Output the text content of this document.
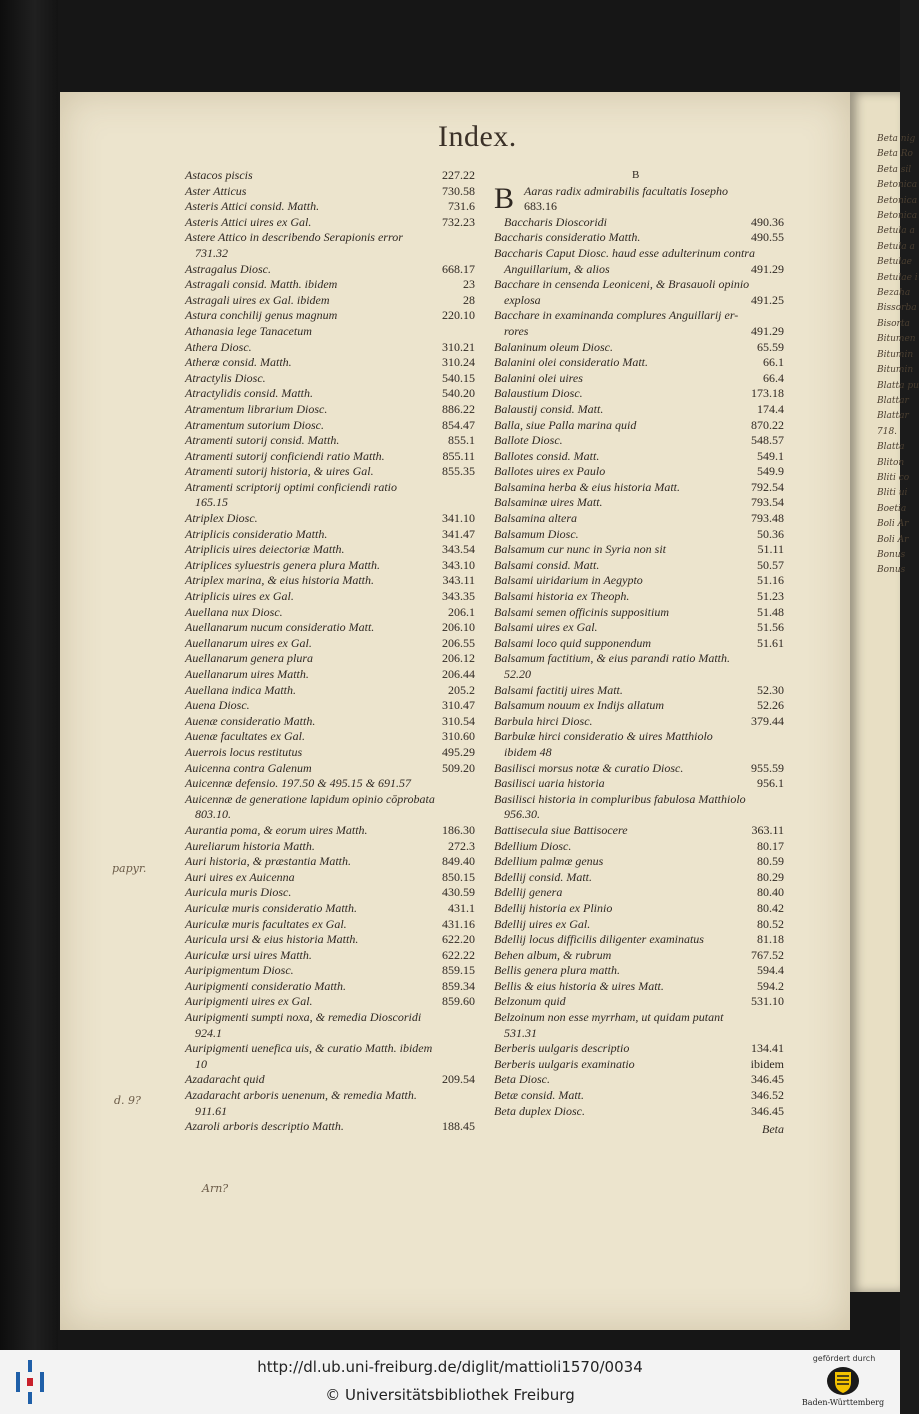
Index.
papyr.
d. 9?
Arn?
Astacos piscis	227.22
Aster Atticus	730.58
Asteris Attici consid. Matth.	731.6
Asteris Attici uires ex Gal.	732.23
Astere Attico in describendo Serapionis error
731.32
Astragalus Diosc.	668.17
Astragali consid. Matth. ibidem	23
Astragali uires ex Gal. ibidem	28
Astura conchilij genus magnum	220.10
Athanasia lege Tanacetum
Athera Diosc.	310.21
Atheræ consid. Matth.	310.24
Atractylis Diosc.	540.15
Atractylidis consid. Matth.	540.20
Atramentum librarium Diosc.	886.22
Atramentum sutorium Diosc.	854.47
Atramenti sutorij consid. Matth.	855.1
Atramenti sutorij conficiendi ratio Matth.	855.11
Atramenti sutorij historia, & uires Gal.	855.35
Atramenti scriptorij optimi conficiendi ratio
165.15
Atriplex Diosc.	341.10
Atriplicis consideratio Matth.	341.47
Atriplicis uires deiectoriæ Matth.	343.54
Atriplices syluestris genera plura Matth.	343.10
Atriplex marina, & eius historia Matth.	343.11
Atriplicis uires ex Gal.	343.35
Auellana nux Diosc.	206.1
Auellanarum nucum consideratio Matt.	206.10
Auellanarum uires ex Gal.	206.55
Auellanarum genera plura	206.12
Auellanarum uires Matth.	206.44
Auellana indica Matth.	205.2
Auena Diosc.	310.47
Auenæ consideratio Matth.	310.54
Auenæ facultates ex Gal.	310.60
Auerrois locus restitutus	495.29
Auicenna contra Galenum	509.20
Auicennæ defensio. 197.50 & 495.15 & 691.57
Auicennæ de generatione lapidum opinio cōprobata
803.10.
Aurantia poma, & eorum uires Matth.	186.30
Aureliarum historia Matth.	272.3
Auri historia, & præstantia Matth.	849.40
Auri uires ex Auicenna	850.15
Auricula muris Diosc.	430.59
Auriculæ muris consideratio Matth.	431.1
Auriculæ muris facultates ex Gal.	431.16
Auricula ursi & eius historia Matth.	622.20
Auriculæ ursi uires Matth.	622.22
Auripigmentum Diosc.	859.15
Auripigmenti consideratio Matth.	859.34
Auripigmenti uires ex Gal.	859.60
Auripigmenti sumpti noxa, & remedia Dioscoridi
924.1
Auripigmenti uenefica uis, & curatio Matth. ibidem
10
Azadaracht quid	209.54
Azadaracht arboris uenenum, & remedia Matth.
911.61
Azaroli arboris descriptio Matth.	188.45
B
B Aaras radix admirabilis facultatis Iosepho
683.16
Baccharis Dioscoridi	490.36
Baccharis consideratio Matth.	490.55
Baccharis Caput Diosc. haud esse adulterinum contra
Anguillarium, & alios	491.29
Bacchare in censenda Leoniceni, & Brasauoli opinio
explosa	491.25
Bacchare in examinanda complures Anguillarij er-
rores	491.29
Balaninum oleum Diosc.	65.59
Balanini olei consideratio Matt.	66.1
Balanini olei uires	66.4
Balaustium Diosc.	173.18
Balaustij consid. Matt.	174.4
Balla, siue Palla marina quid	870.22
Ballote Diosc.	548.57
Ballotes consid. Matt.	549.1
Ballotes uires ex Paulo	549.9
Balsamina herba & eius historia Matt.	792.54
Balsaminæ uires Matt.	793.54
Balsamina altera	793.48
Balsamum Diosc.	50.36
Balsamum cur nunc in Syria non sit	51.11
Balsami consid. Matt.	50.57
Balsami uiridarium in Aegypto	51.16
Balsami historia ex Theoph.	51.23
Balsami semen officinis suppositium	51.48
Balsami uires ex Gal.	51.56
Balsami loco quid supponendum	51.61
Balsamum factitium, & eius parandi ratio Matth.
52.20
Balsami factitij uires Matt.	52.30
Balsamum nouum ex Indijs allatum	52.26
Barbula hirci Diosc.	379.44
Barbulæ hirci consideratio & uires Matthiolo
ibidem 48
Basilisci morsus notæ & curatio Diosc.	955.59
Basilisci uaria historia	956.1
Basilisci historia in compluribus fabulosa Matthiolo
956.30.
Battisecula siue Battisocere	363.11
Bdellium Diosc.	80.17
Bdellium palmæ genus	80.59
Bdellij consid. Matt.	80.29
Bdellij genera	80.40
Bdellij historia ex Plinio	80.42
Bdellij uires ex Gal.	80.52
Bdellij locus difficilis diligenter examinatus	81.18
Behen album, & rubrum	767.52
Bellis genera plura matth.	594.4
Bellis & eius historia & uires Matt.	594.2
Belzonum quid	531.10
Belzoinum non esse myrrham, ut quidam putant
531.31
Berberis uulgaris descriptio	134.41
Berberis uulgaris examinatio	ibidem
Beta Diosc.	346.45
Betæ consid. Matt.	346.52
Beta duplex Diosc.	346.45
Beta
Beta nig
Beta Ro
Beta sil
Betonica
Betonica
Betonica
Betula a
Betula a
Betulae
Betulae i
Bezaha
Bissorba
Bisorta
Bitumen
Bitumin
Bitumin
Blatta pu
Blattar
Blattar
718.
Blatta
Bliton
Bliti co
Bliti ui
Boetia
Boli Ar
Boli Ar
Bonus
Bonus
http://dl.ub.uni-freiburg.de/diglit/mattioli1570/0034
© Universitätsbibliothek Freiburg
gefördert durch
Baden-Württemberg
